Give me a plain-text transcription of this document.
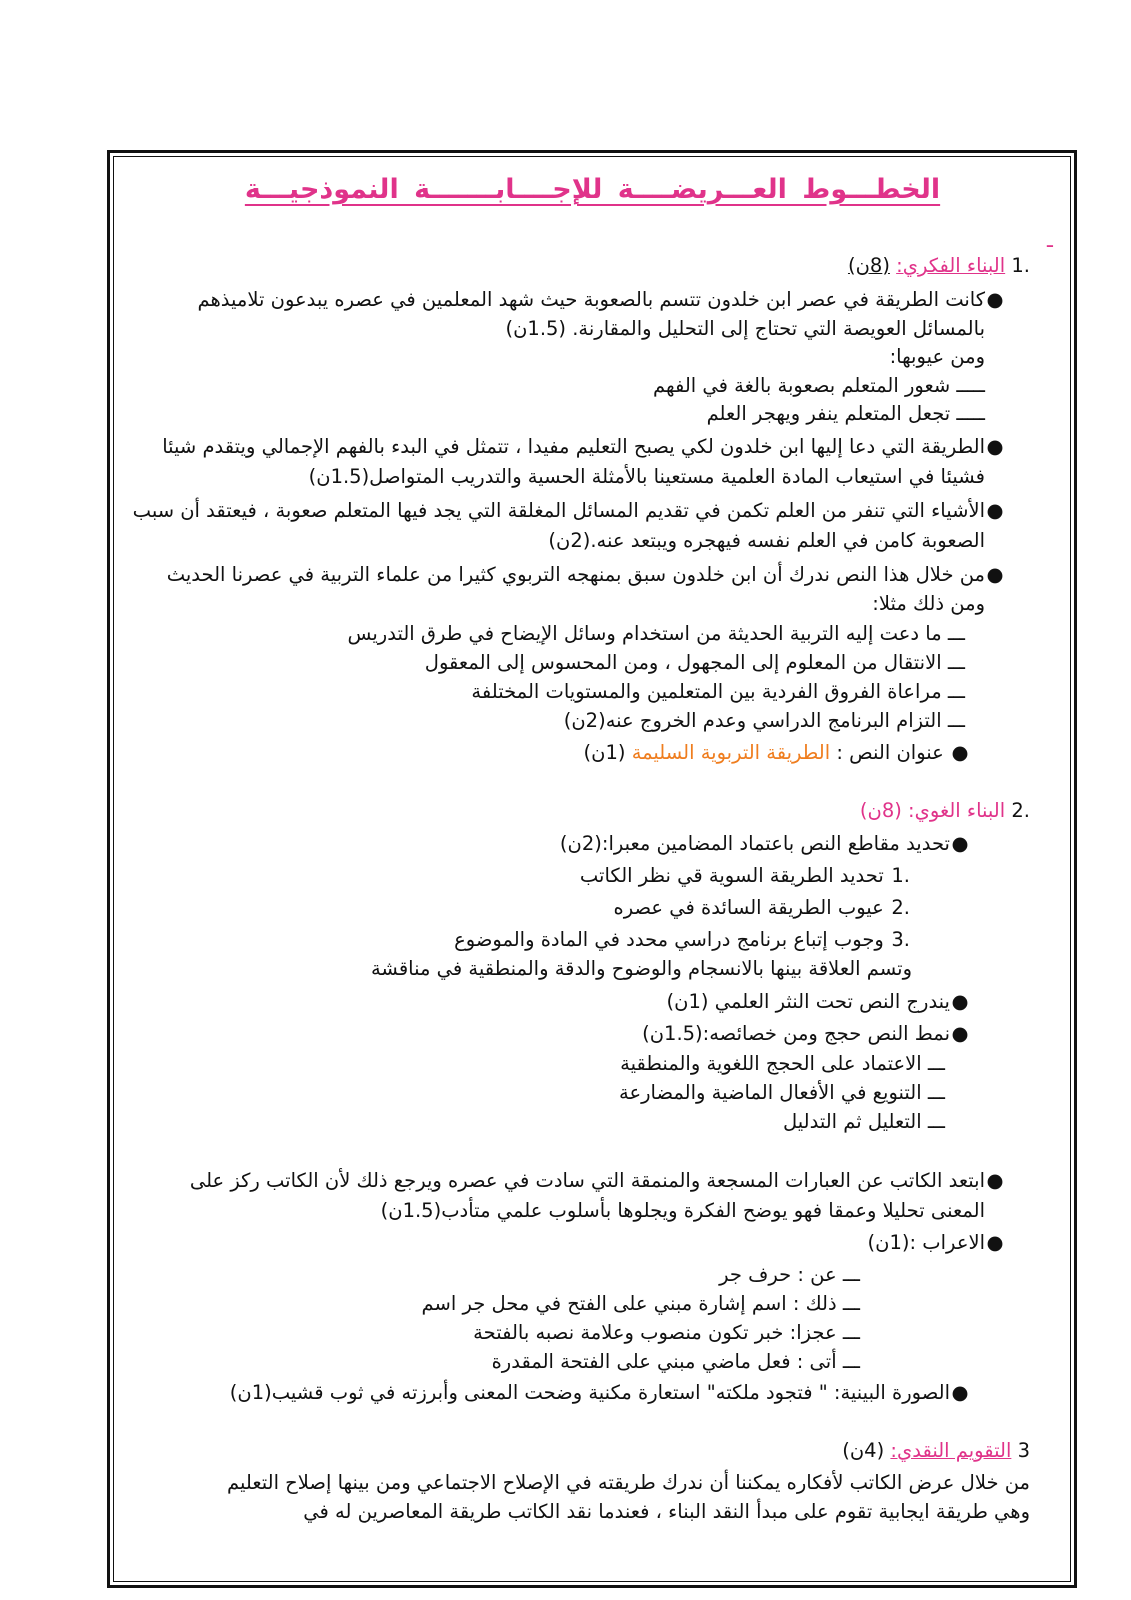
الخطـــوط العـــريضــــة للإجــــابـــــــة النموذجيـــة
ـ
.1 البناء الفكري: (8ن)
●كانت الطريقة في عصر ابن خلدون تتسم بالصعوبة حيث شهد المعلمين في عصره يبدعون تلاميذهم
بالمسائل العويصة التي تحتاج إلى التحليل والمقارنة. (1.5ن)
ومن عيوبها:
ـــــ شعور المتعلم بصعوبة بالغة في الفهم
ـــــ تجعل المتعلم ينفر ويهجر العلم
●الطريقة التي دعا إليها ابن خلدون لكي يصبح التعليم مفيدا ، تتمثل في البدء بالفهم الإجمالي ويتقدم شيئا
فشيئا في استيعاب المادة العلمية مستعينا بالأمثلة الحسية والتدريب المتواصل(1.5ن)
●الأشياء التي تنفر من العلم تكمن في تقديم المسائل المغلقة التي يجد فيها المتعلم صعوبة ، فيعتقد أن سبب
الصعوبة كامن في العلم نفسه فيهجره ويبتعد عنه.(2ن)
●من خلال هذا النص ندرك أن ابن خلدون سبق بمنهجه التربوي كثيرا من علماء التربية في عصرنا الحديث
ومن ذلك مثلا:
ـــ ما دعت إليه التربية الحديثة من استخدام وسائل الإيضاح في طرق التدريس
ـــ الانتقال من المعلوم إلى المجهول ، ومن المحسوس إلى المعقول
ـــ مراعاة الفروق الفردية بين المتعلمين والمستويات المختلفة
ـــ التزام البرنامج الدراسي وعدم الخروج عنه(2ن)
● عنوان النص : الطريقة التربوية السليمة (1ن)
.2 البناء الغوي: (8ن)
●تحديد مقاطع النص باعتماد المضامين معبرا:(2ن)
.1 تحديد الطريقة السوية قي نظر الكاتب
.2 عيوب الطريقة السائدة في عصره
.3 وجوب إتباع برنامج دراسي محدد في المادة والموضوع
وتسم العلاقة بينها بالانسجام والوضوح والدقة والمنطقية في مناقشة
●يندرج النص تحت النثر العلمي (1ن)
●نمط النص حجج ومن خصائصه:(1.5ن)
ـــ الاعتماد على الحجج اللغوية والمنطقية
ـــ التنويع في الأفعال الماضية والمضارعة
ـــ التعليل ثم التدليل
●ابتعد الكاتب عن العبارات المسجعة والمنمقة التي سادت في عصره ويرجع ذلك لأن الكاتب ركز على
المعنى تحليلا وعمقا فهو يوضح الفكرة ويجلوها بأسلوب علمي متأدب(1.5ن)
●الاعراب :(1ن)
ـــ عن : حرف جر
ـــ ذلك : اسم إشارة مبني على الفتح في محل جر اسم
ـــ عجزا: خبر تكون منصوب وعلامة نصبه بالفتحة
ـــ أتى : فعل ماضي مبني على الفتحة المقدرة
●الصورة البينية: " فتجود ملكته" استعارة مكنية وضحت المعنى وأبرزته في ثوب قشيب(1ن)
3 التقويم النقدي: (4ن)
من خلال عرض الكاتب لأفكاره يمكننا أن ندرك طريقته في الإصلاح الاجتماعي ومن بينها إصلاح التعليم
وهي طريقة ايجابية تقوم على مبدأ النقد البناء ، فعندما نقد الكاتب طريقة المعاصرين له في
